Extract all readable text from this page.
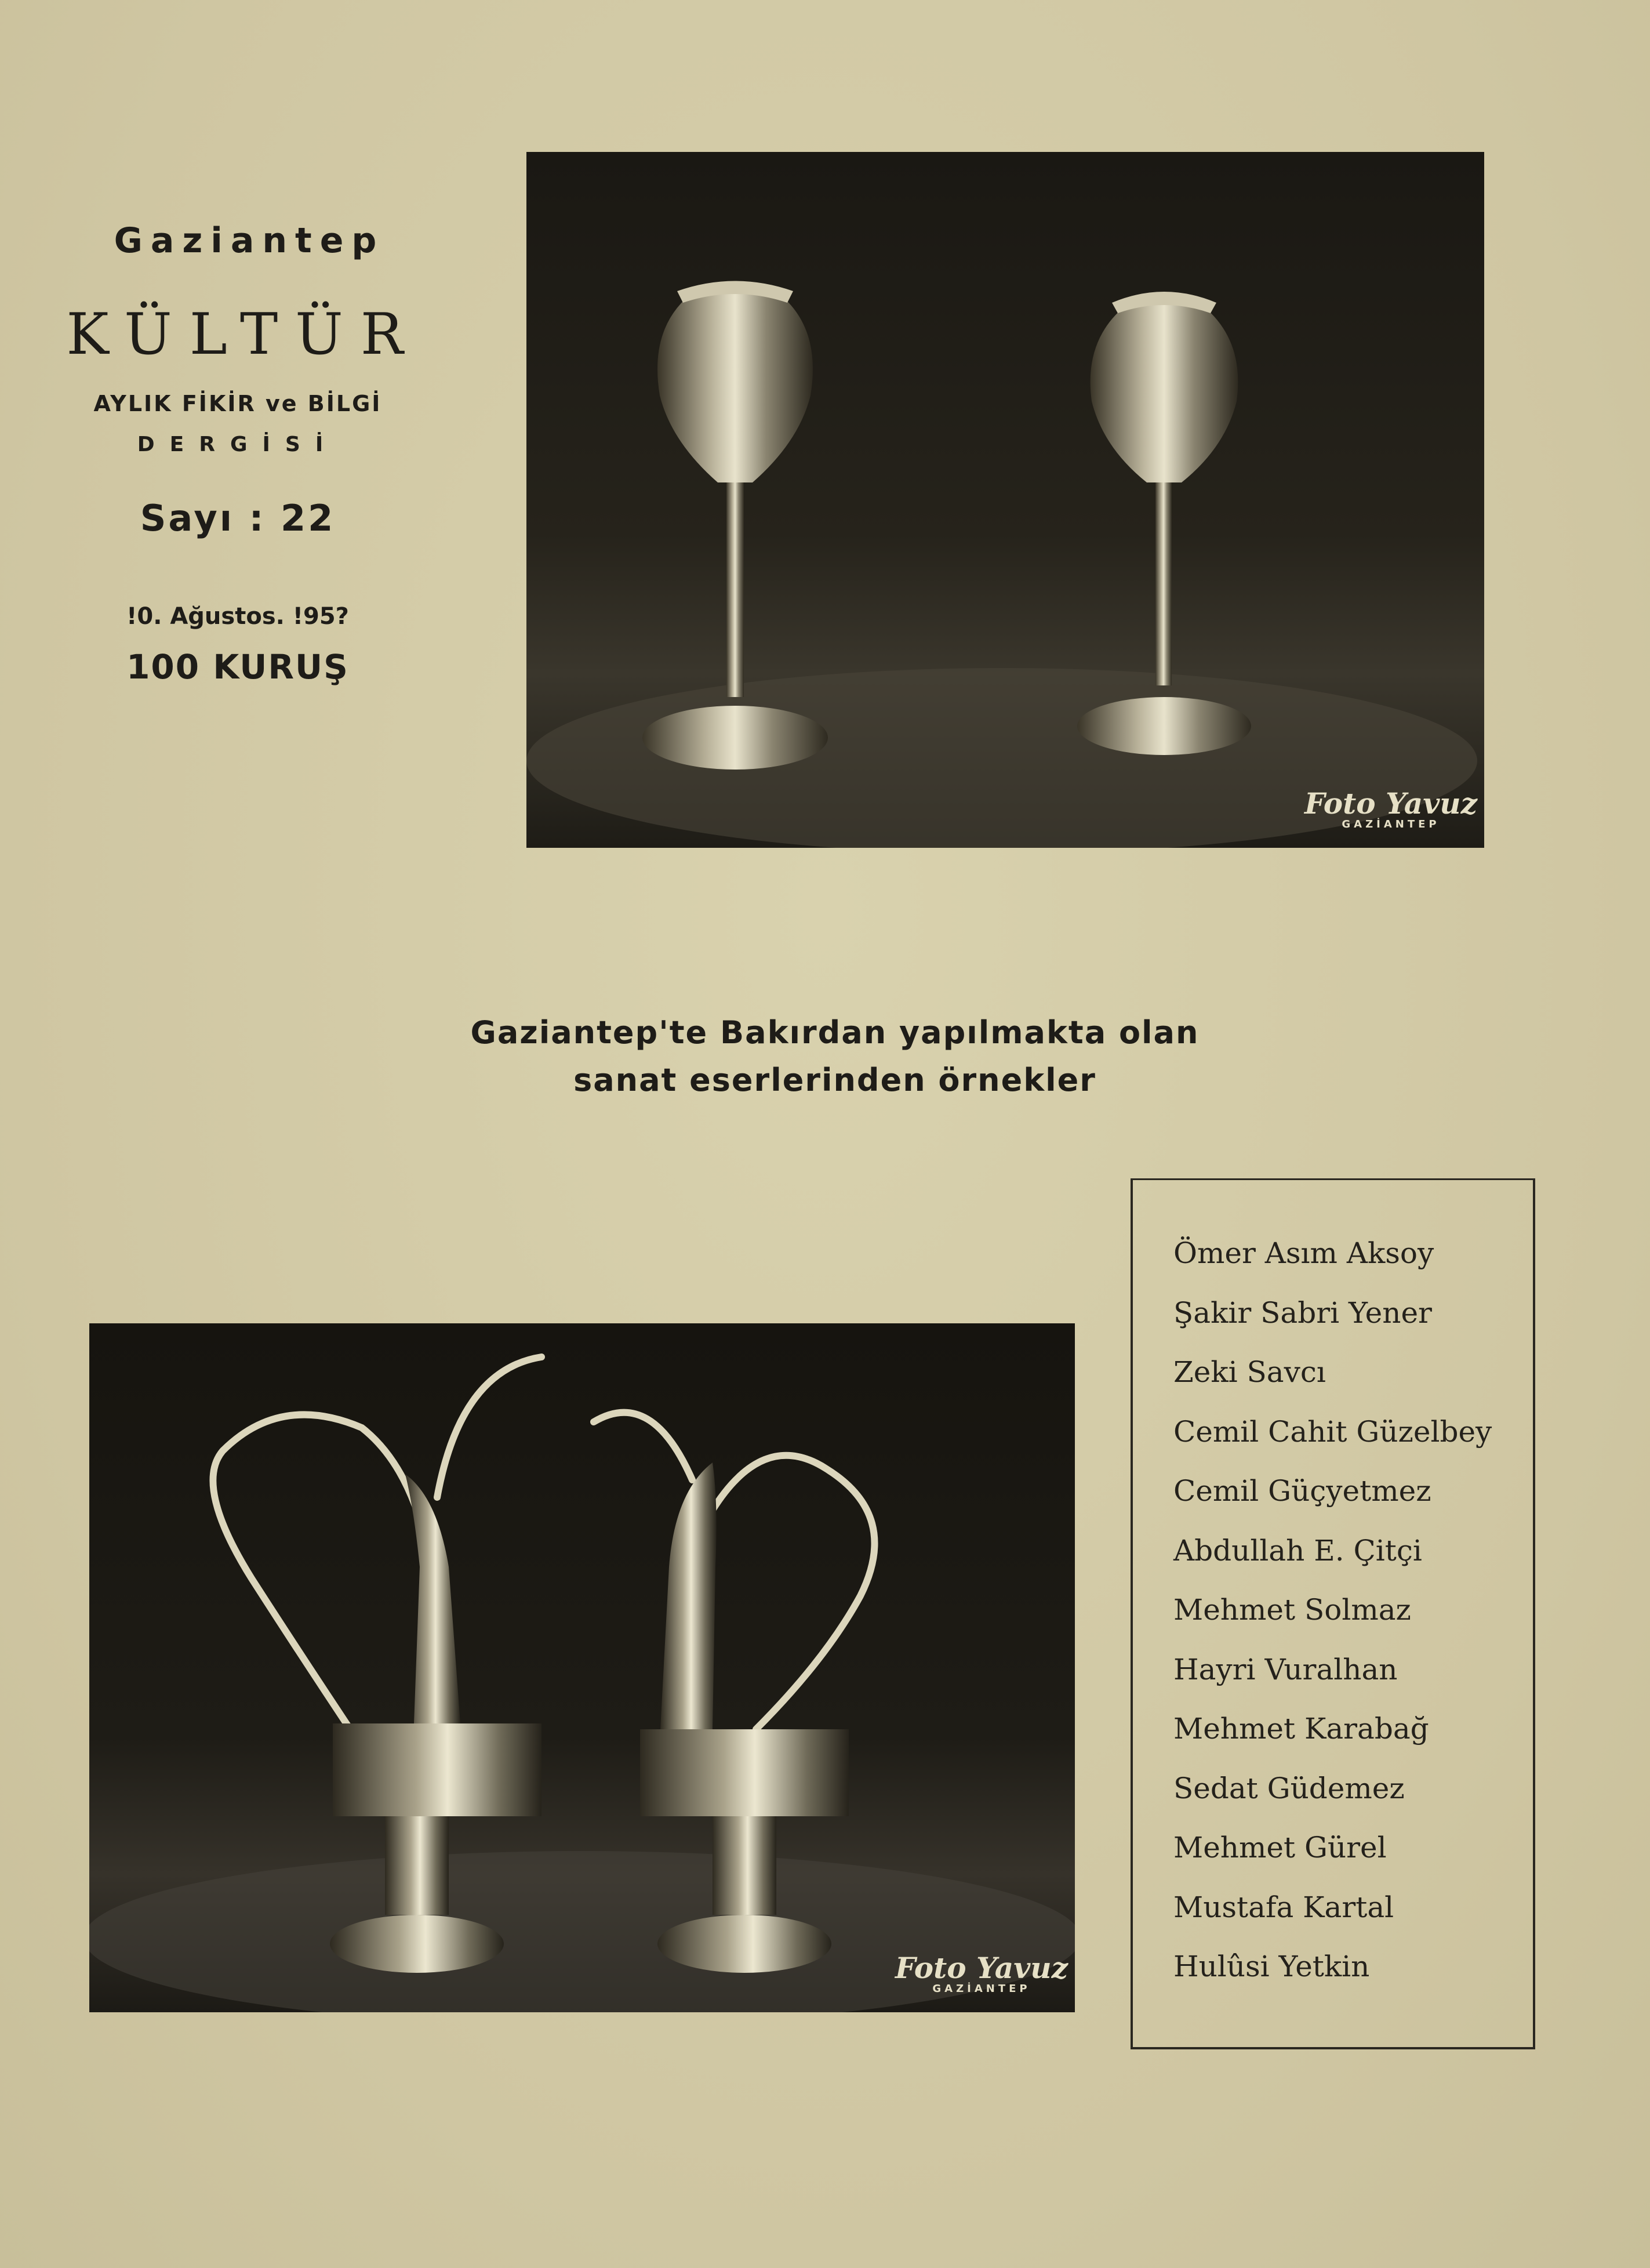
Gaziantep
KÜLTÜR
AYLIK FİKİR ve BİLGİ
DERGİSİ
Sayı : 22
!0. Ağustos. !95?
100 KURUŞ
Foto Yavuz
GAZİANTEP
Gaziantep'te Bakırdan yapılmakta olan
sanat eserlerinden örnekler
Foto Yavuz
GAZİANTEP
Ömer Asım Aksoy
Şakir Sabri Yener
Zeki Savcı
Cemil Cahit Güzelbey
Cemil Güçyetmez
Abdullah E. Çitçi
Mehmet Solmaz
Hayri Vuralhan
Mehmet Karabağ
Sedat Güdemez
Mehmet Gürel
Mustafa Kartal
Hulûsi Yetkin
